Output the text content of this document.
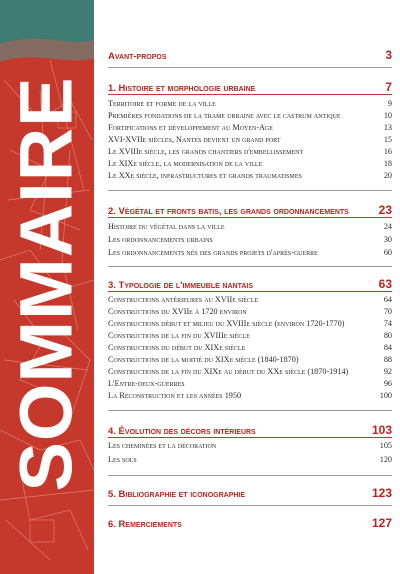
SOMMAIRE
Avant-propos	3
1. Histoire et morphologie urbaine	7
Territoire et forme de la ville	9
Premières fondations de la trame urbaine avec le castrum antique	10
Fortifications et développement au Moyen-Age	13
XVI-XVIIe siècles, Nantes devient un grand port	15
Le XVIIIe siècle, les grands chantiers d'embellissement	16
Le XIXe siècle, la modernisation de la ville	18
Le XXe siècle, infrastructures et grands traumatismes	20
2. Végétal et fronts batis, les grands ordonnancements 23
Histoire du végétal dans la ville	24
Les ordonnancements urbains	30
Les ordonnancements nés des grands projets d'après-guerre	60
3. Typologie de l'immeuble nantais	63
Constructions antérieures au XVIIe siècle	64
Constructions du XVIIe à 1720 environ	70
Constructions début et milieu du XVIIIe siècle (environ 1720-1770)	74
Constructions de la fin du XVIIIe siècle	80
Constructions du début du XIXe siècle	84
Constructions de la moitié du XIXe siècle (1840-1870)	88
Constructions de la fin du XIXe au début du XXe siècle (1870-1914)	92
L'Entre-deux-guerres	96
La Reconstruction et les années 1950	100
4. Évolution des décors intérieurs	103
Les cheminées et la décoration	105
Les sols	120
5. Bibliographie et iconographie	123
6. Remerciements	127
